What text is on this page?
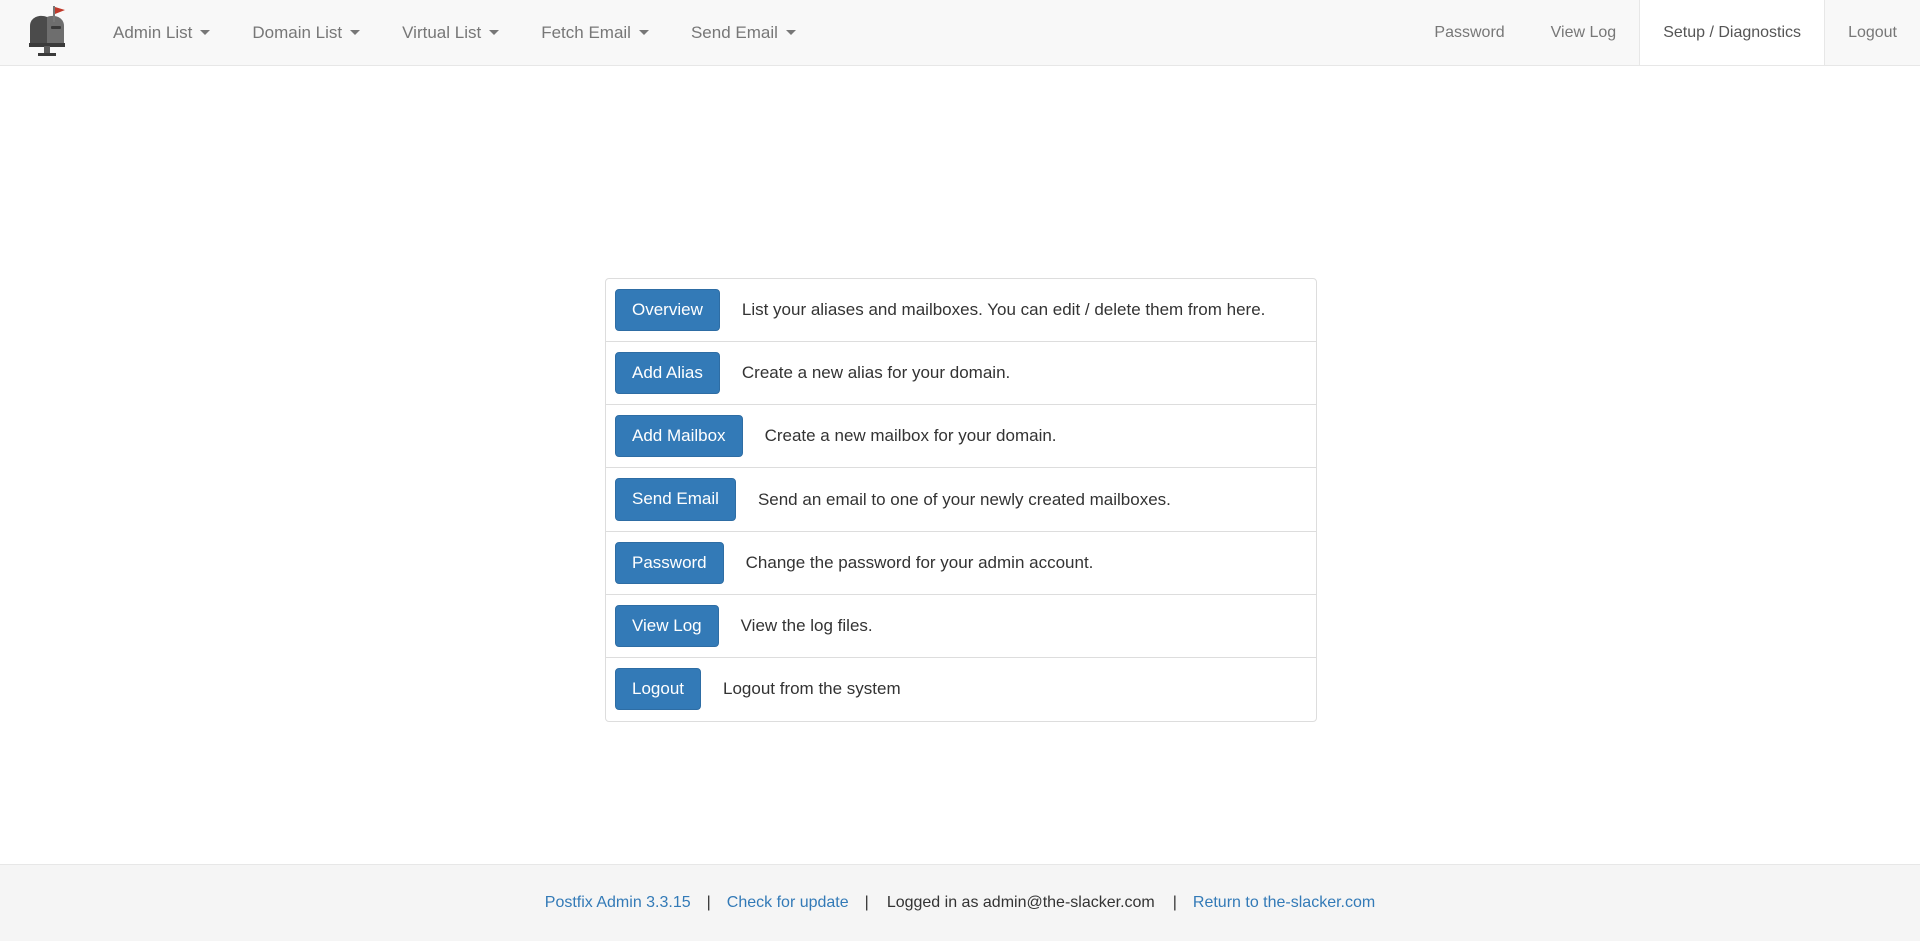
Admin List	Domain List	Virtual List	Fetch Email	Send Email	Password	View Log	Setup / Diagnostics	Logout
Overview	List your aliases and mailboxes. You can edit / delete them from here.
Add Alias	Create a new alias for your domain.
Add Mailbox	Create a new mailbox for your domain.
Send Email	Send an email to one of your newly created mailboxes.
Password	Change the password for your admin account.
View Log	View the log files.
Logout	Logout from the system
Postfix Admin 3.3.15 | Check for update | Logged in as admin@the-slacker.com | Return to the-slacker.com
